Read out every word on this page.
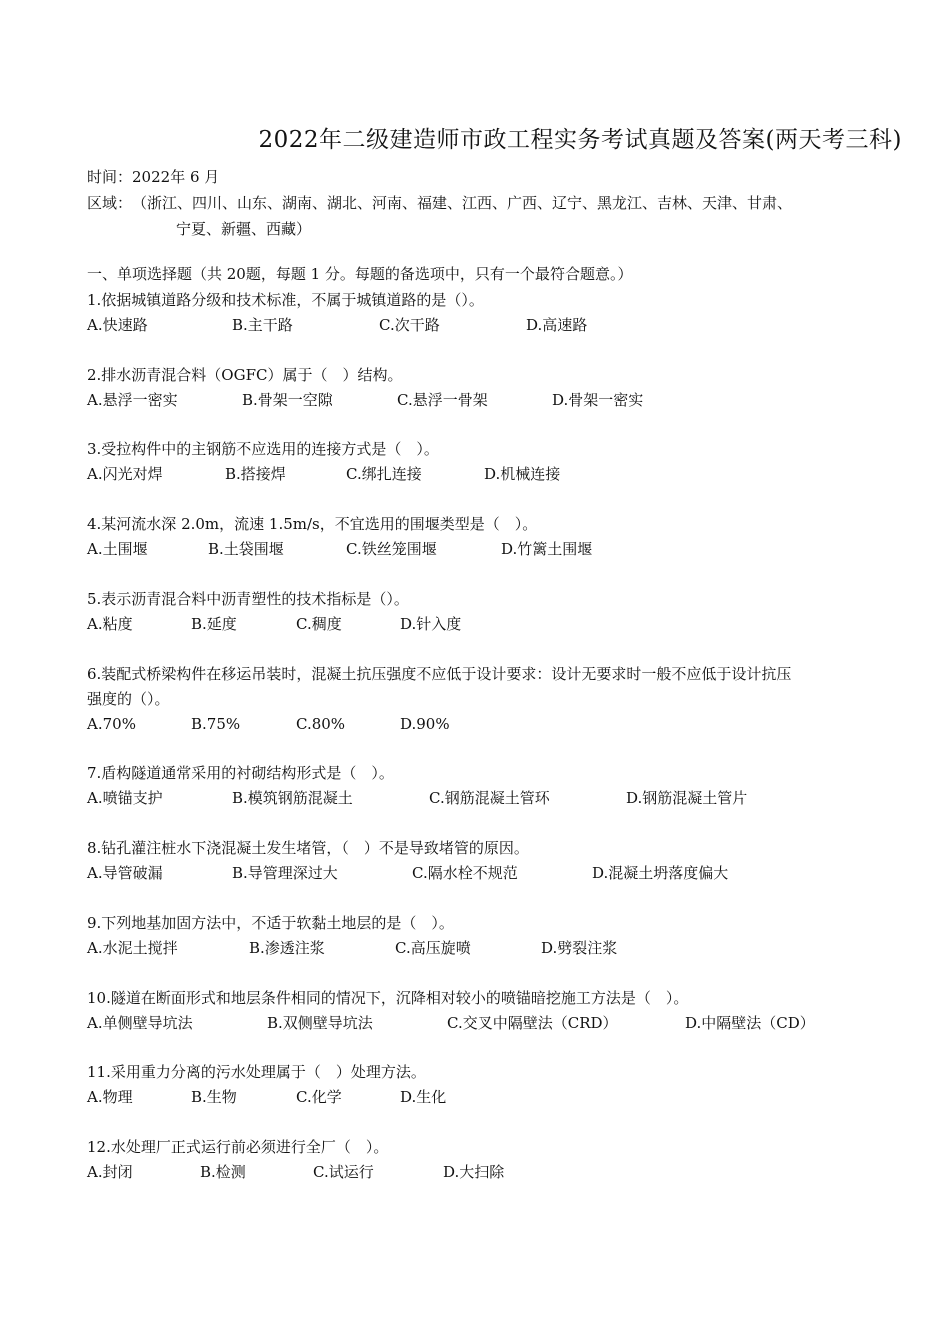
2022年二级建造师市政工程实务考试真题及答案(两天考三科)
时间：2022年 6 月
区域： （浙江、四川、山东、湖南、湖北、河南、福建、江西、广西、辽宁、黑龙江、吉林、天津、甘肃、
宁夏、新疆、西藏）
一、单项选择题（共 20题，每题 1 分。每题的备选项中，只有一个最符合题意。）
1.依据城镇道路分级和技术标准，不属于城镇道路的是（）。
A.快速路	B.主干路	C.次干路	D.高速路
2.排水沥青混合料（OGFC）属于（　）结构。
A.悬浮一密实	B.骨架一空隙	C.悬浮一骨架	D.骨架一密实
3.受拉构件中的主钢筋不应选用的连接方式是（　）。
A.闪光对焊	B.搭接焊	C.绑扎连接	D.机械连接
4.某河流水深 2.0m，流速 1.5m/s，不宜选用的围堰类型是（　）。
A.土围堰	B.土袋围堰	C.铁丝笼围堰	D.竹篱土围堰
5.表示沥青混合料中沥青塑性的技术指标是（）。
A.粘度	B.延度	C.稠度	D.针入度
6.装配式桥梁构件在移运吊装时，混凝土抗压强度不应低于设计要求：设计无要求时一般不应低于设计抗压
强度的（）。
A.70%	B.75%	C.80%	D.90%
7.盾构隧道通常采用的衬砌结构形式是（　）。
A.喷锚支护	B.模筑钢筋混凝土	C.钢筋混凝土管环	D.钢筋混凝土管片
8.钻孔灌注桩水下浇混凝土发生堵管，（　）不是导致堵管的原因。
A.导管破漏	B.导管理深过大	C.隔水栓不规范	D.混凝土坍落度偏大
9.下列地基加固方法中，不适于软黏土地层的是（　）。
A.水泥土搅拌	B.渗透注浆	C.高压旋喷	D.劈裂注浆
10.隧道在断面形式和地层条件相同的情况下，沉降相对较小的喷锚暗挖施工方法是（　）。
A.单侧壁导坑法	B.双侧壁导坑法	C.交叉中隔壁法（CRD）	D.中隔壁法（CD）
11.采用重力分离的污水处理属于（　）处理方法。
A.物理	B.生物	C.化学	D.生化
12.水处理厂正式运行前必须进行全厂（　）。
A.封闭	B.检测	C.试运行	D.大扫除
